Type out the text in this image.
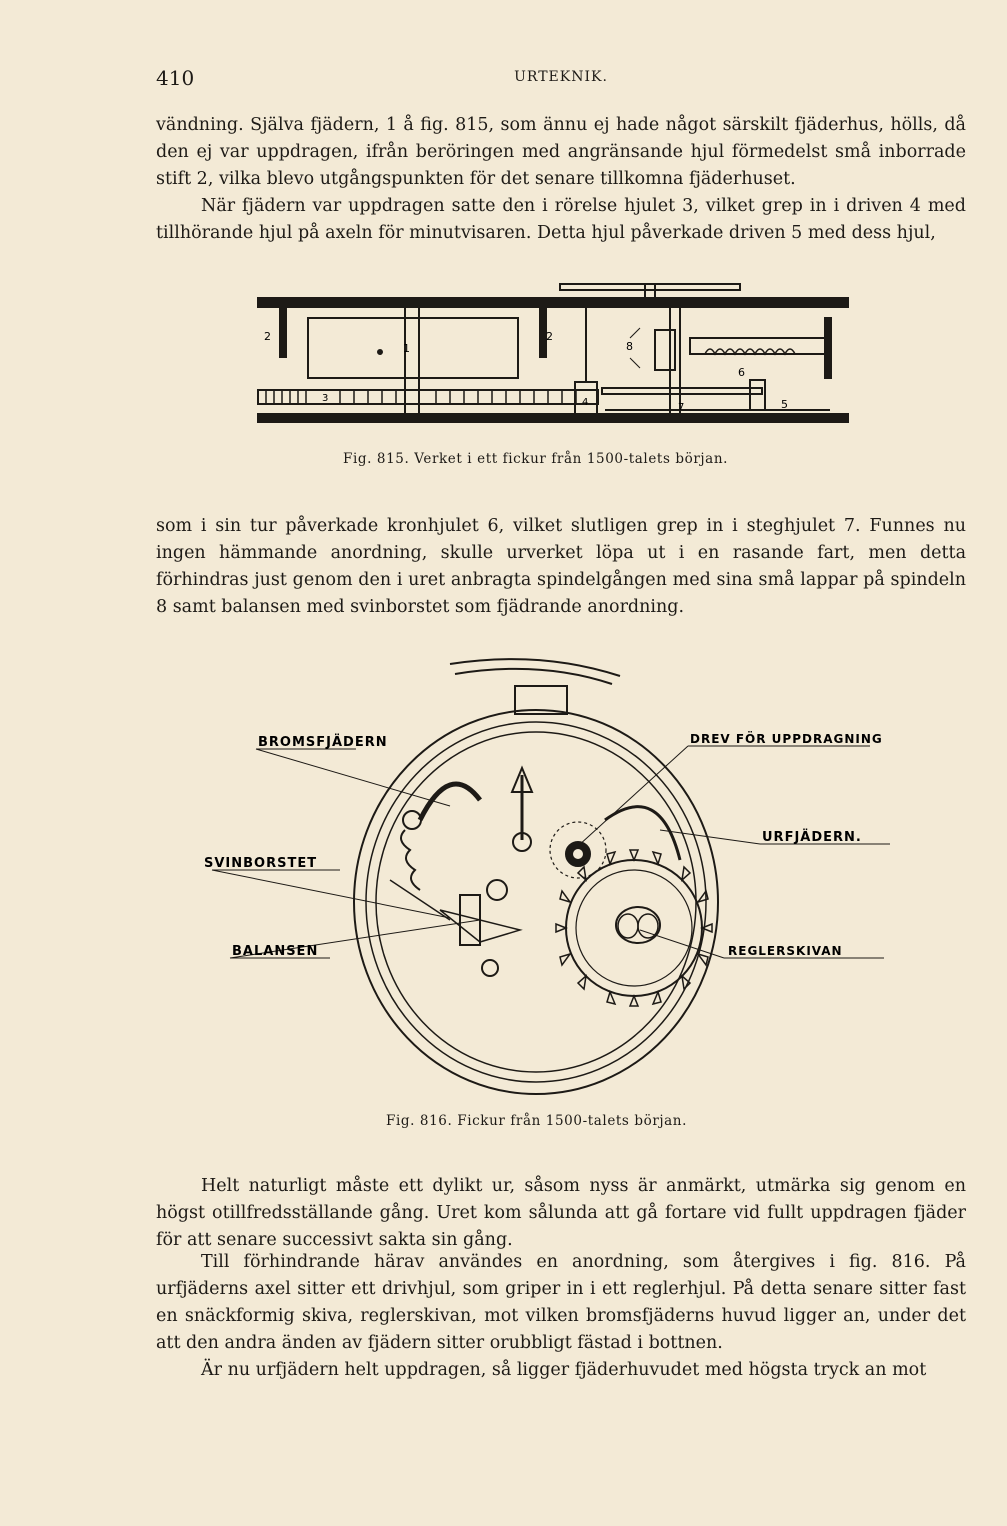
410	URTEKNIK.

vändning. Själva fjädern, 1 å fig. 815, som ännu ej hade något särskilt fjäderhus, hölls, då den ej var uppdragen, ifrån beröringen med angränsande hjul förmedelst små inborrade stift 2, vilka blevo utgångspunkten för det senare tillkomna fjäderhuset.

När fjädern var uppdragen satte den i rörelse hjulet 3, vilket grep in i driven 4 med tillhörande hjul på axeln för minutvisaren. Detta hjul påverkade driven 5 med dess hjul,

2
1
2
3	4
8
6
5
7
Fig. 815. Verket i ett fickur från 1500-talets början.

som i sin tur påverkade kronhjulet 6, vilket slutligen grep in i steghjulet 7. Funnes nu ingen hämmande anordning, skulle urverket löpa ut i en rasande fart, men detta förhindras just genom den i uret anbragta spindelgången med sina små lappar på spindeln 8 samt balansen med svinborstet som fjädrande anordning.

BROMSFJÄDERN
SVINBORSTET
BALANSEN
DREV FÖR UPPDRAGNING
URFJÄDERN.
REGLERSKIVAN
Fig. 816. Fickur från 1500-talets början.

Helt naturligt måste ett dylikt ur, såsom nyss är anmärkt, utmärka sig genom en högst otillfredsställande gång. Uret kom sålunda att gå fortare vid fullt uppdragen fjäder för att senare successivt sakta sin gång.

Till förhindrande härav användes en anordning, som återgives i fig. 816. På urfjäderns axel sitter ett drivhjul, som griper in i ett reglerhjul. På detta senare sitter fast en snäckformig skiva, reglerskivan, mot vilken bromsfjäderns huvud ligger an, under det att den andra änden av fjädern sitter orubbligt fästad i bottnen.

Är nu urfjädern helt uppdragen, så ligger fjäderhuvudet med högsta tryck an mot
